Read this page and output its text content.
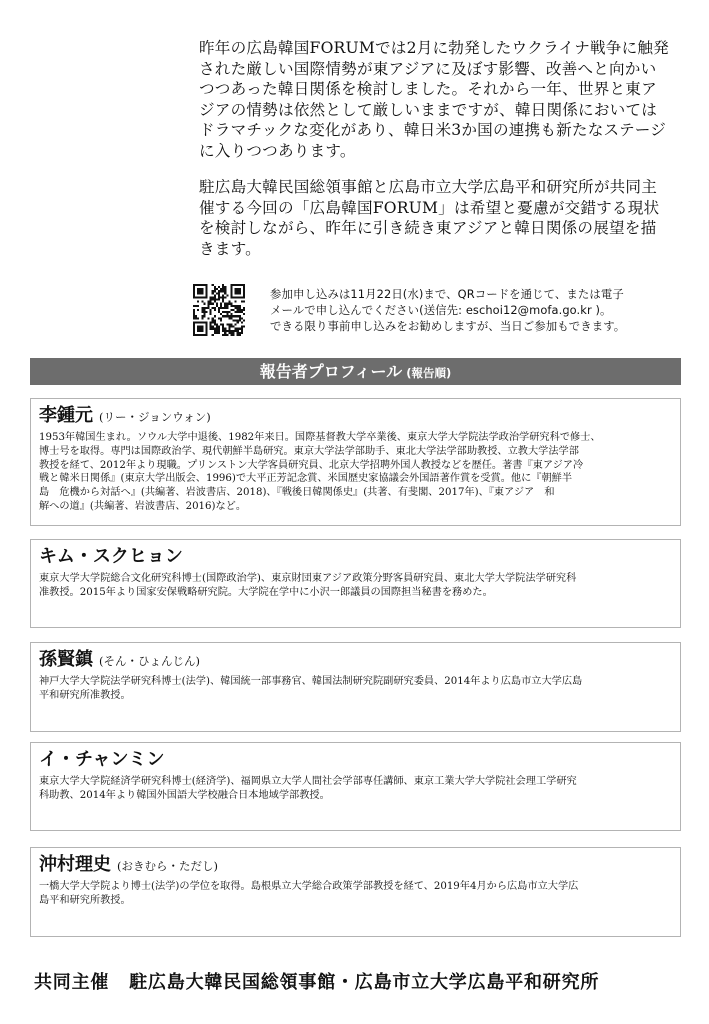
昨年の広島韓国FORUMでは2月に勃発したウクライナ戦争に触発
された厳しい国際情勢が東アジアに及ぼす影響、改善へと向かい
つつあった韓日関係を検討しました。それから一年、世界と東ア
ジアの情勢は依然として厳しいままですが、韓日関係においては
ドラマチックな変化があり、韓日米3か国の連携も新たなステージ
に入りつつあります。

駐広島大韓民国総領事館と広島市立大学広島平和研究所が共同主
催する今回の「広島韓国FORUM」は希望と憂慮が交錯する現状
を検討しながら、昨年に引き続き東アジアと韓日関係の展望を描
きます。

参加申し込みは11月22日(水)まで、QRコードを通じて、または電子
メールで申し込んでください(送信先: eschoi12@mofa.go.kr )。
できる限り事前申し込みをお勧めしますが、当日ご参加もできます。
報告者プロフィール (報告順)
李鍾元 (リー・ジョンウォン)
1953年韓国生まれ。ソウル大学中退後、1982年来日。国際基督教大学卒業後、東京大学大学院法学政治学研究科で修士、
博士号を取得。専門は国際政治学、現代朝鮮半島研究。東京大学法学部助手、東北大学法学部助教授、立教大学法学部
教授を経て、2012年より現職。プリンストン大学客員研究員、北京大学招聘外国人教授などを歴任。著書『東アジア冷
戦と韓米日関係』(東京大学出版会、1996)で大平正芳記念賞、米国歴史家協議会外国語著作賞を受賞。他に『朝鮮半
島　危機から対話へ』(共編著、岩波書店、2018)、『戦後日韓関係史』(共著、有斐閣、2017年)、『東アジア　和
解への道』(共編著、岩波書店、2016)など。
キム・スクヒョン
東京大学大学院総合文化研究科博士(国際政治学)、東京財団東アジア政策分野客員研究員、東北大学大学院法学研究科
准教授。2015年より国家安保戦略研究院。大学院在学中に小沢一郎議員の国際担当秘書を務めた。
孫賢鎮 (そん・ひょんじん)
神戸大学大学院法学研究科博士(法学)、韓国統一部事務官、韓国法制研究院副研究委員、2014年より広島市立大学広島
平和研究所准教授。
イ・チャンミン
東京大学大学院経済学研究科博士(経済学)、福岡県立大学人間社会学部専任講師、東京工業大学大学院社会理工学研究
科助教、2014年より韓国外国語大学校融合日本地域学部教授。
沖村理史 (おきむら・ただし)
一橋大学大学院より博士(法学)の学位を取得。島根県立大学総合政策学部教授を経て、2019年4月から広島市立大学広
島平和研究所教授。
共同主催 駐広島大韓民国総領事館・広島市立大学広島平和研究所
